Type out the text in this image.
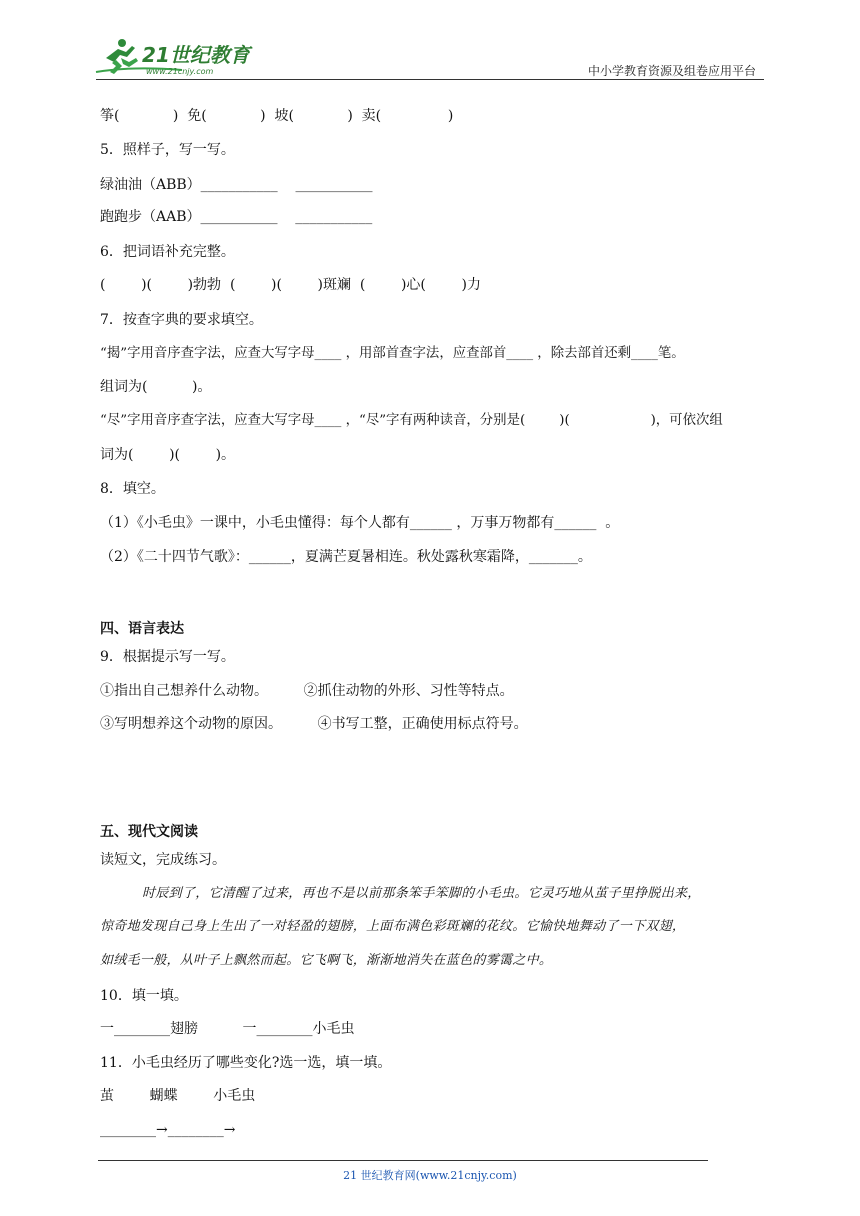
21世纪教育
www.21cnjy.com	中小学教育资源及组卷应用平台
筝(            )  免(            )  坡(            )  卖(               )
5．照样子，写一写。
绿油油（ABB）___________    ___________
跑跑步（AAB）___________    ___________
6．把词语补充完整。
(        )(        )勃勃  (        )(        )斑斓  (        )心(        )力
7．按查字典的要求填空。
“揭”字用音序查字法，应查大写字母____ ，用部首查字法，应查部首____ ，除去部首还剩____笔。
组词为(          )。
“尽”字用音序查字法，应查大写字母____ ，“尽”字有两种读音，分别是(        )(                   )，可依次组
词为(        )(        )。
8．填空。
（1）《小毛虫》一课中，小毛虫懂得：每个人都有______ ，万事万物都有______  。
（2）《二十四节气歌》：______，夏满芒夏暑相连。秋处露秋寒霜降，_______。
四、语言表达
9．根据提示写一写。
①指出自己想养什么动物。        ②抓住动物的外形、习性等特点。
③写明想养这个动物的原因。        ④书写工整，正确使用标点符号。
五、现代文阅读
读短文，完成练习。
时辰到了，它清醒了过来，再也不是以前那条笨手笨脚的小毛虫。它灵巧地从茧子里挣脱出来，
惊奇地发现自己身上生出了一对轻盈的翅膀，上面布满色彩斑斓的花纹。它愉快地舞动了一下双翅，
如绒毛一般，从叶子上飘然而起。它飞啊飞，渐渐地消失在蓝色的雾霭之中。
10．填一填。
一________翅膀          一________小毛虫
11．小毛虫经历了哪些变化?选一选，填一填。
茧        蝴蝶        小毛虫
________→________→
21 世纪教育网(www.21cnjy.com)
